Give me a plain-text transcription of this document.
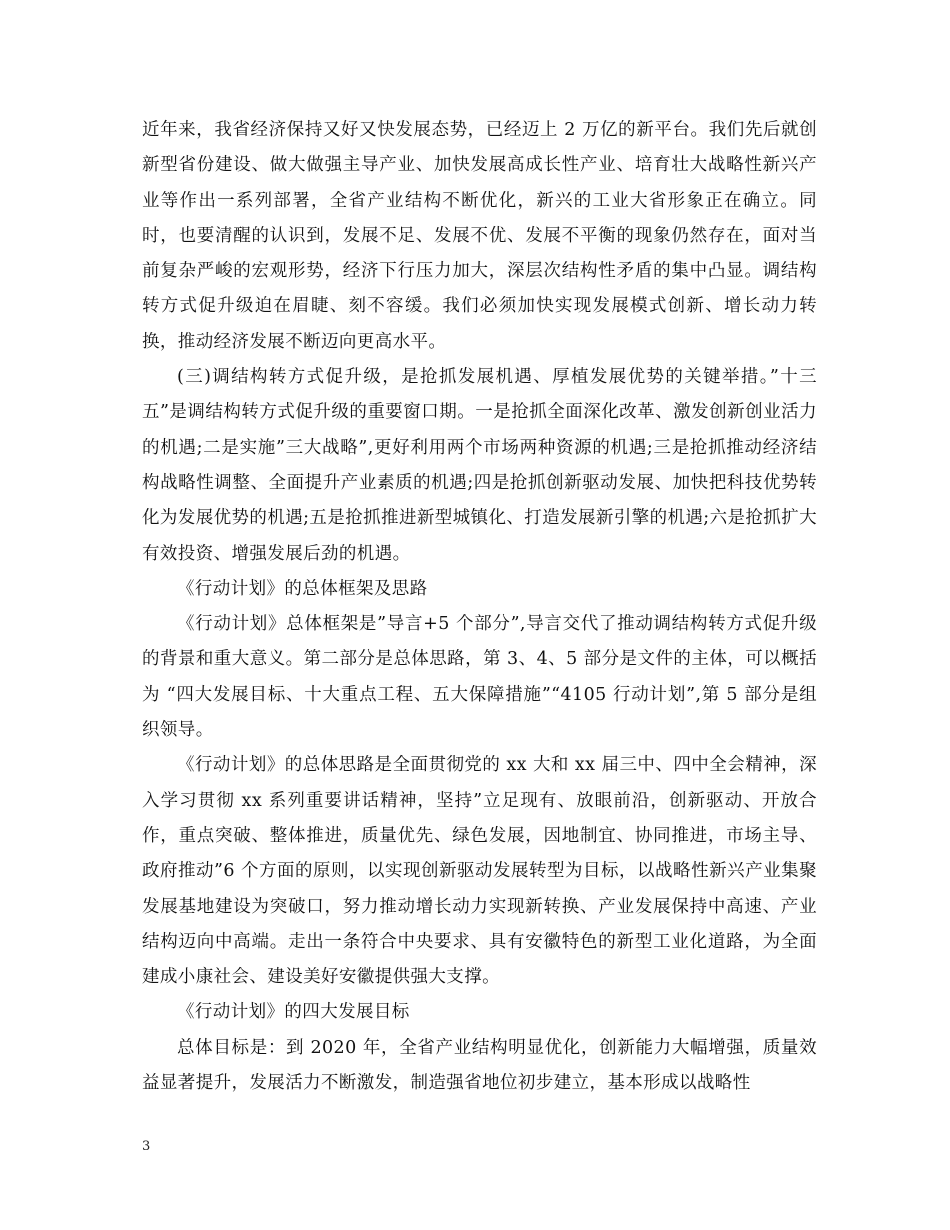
近年来，我省经济保持又好又快发展态势，已经迈上 2 万亿的新平台。我们先后就创新型省份建设、做大做强主导产业、加快发展高成长性产业、培育壮大战略性新兴产业等作出一系列部署，全省产业结构不断优化，新兴的工业大省形象正在确立。同时，也要清醒的认识到，发展不足、发展不优、发展不平衡的现象仍然存在，面对当前复杂严峻的宏观形势，经济下行压力加大，深层次结构性矛盾的集中凸显。调结构转方式促升级迫在眉睫、刻不容缓。我们必须加快实现发展模式创新、增长动力转换，推动经济发展不断迈向更高水平。

(三)调结构转方式促升级，是抢抓发展机遇、厚植发展优势的关键举措。”十三五”是调结构转方式促升级的重要窗口期。一是抢抓全面深化改革、激发创新创业活力的机遇;二是实施”三大战略”,更好利用两个市场两种资源的机遇;三是抢抓推动经济结构战略性调整、全面提升产业素质的机遇;四是抢抓创新驱动发展、加快把科技优势转化为发展优势的机遇;五是抢抓推进新型城镇化、打造发展新引擎的机遇;六是抢抓扩大有效投资、增强发展后劲的机遇。

《行动计划》的总体框架及思路

《行动计划》总体框架是”导言+5 个部分”,导言交代了推动调结构转方式促升级的背景和重大意义。第二部分是总体思路，第 3、4、5 部分是文件的主体，可以概括为 “四大发展目标、十大重点工程、五大保障措施”“4105 行动计划”,第 5 部分是组织领导。

《行动计划》的总体思路是全面贯彻党的 xx 大和 xx 届三中、四中全会精神，深入学习贯彻 xx 系列重要讲话精神，坚持”立足现有、放眼前沿，创新驱动、开放合作，重点突破、整体推进，质量优先、绿色发展，因地制宜、协同推进，市场主导、政府推动”6 个方面的原则，以实现创新驱动发展转型为目标，以战略性新兴产业集聚发展基地建设为突破口，努力推动增长动力实现新转换、产业发展保持中高速、产业结构迈向中高端。走出一条符合中央要求、具有安徽特色的新型工业化道路，为全面建成小康社会、建设美好安徽提供强大支撑。

《行动计划》的四大发展目标

总体目标是：到 2020 年，全省产业结构明显优化，创新能力大幅增强，质量效益显著提升，发展活力不断激发，制造强省地位初步建立，基本形成以战略性

3
